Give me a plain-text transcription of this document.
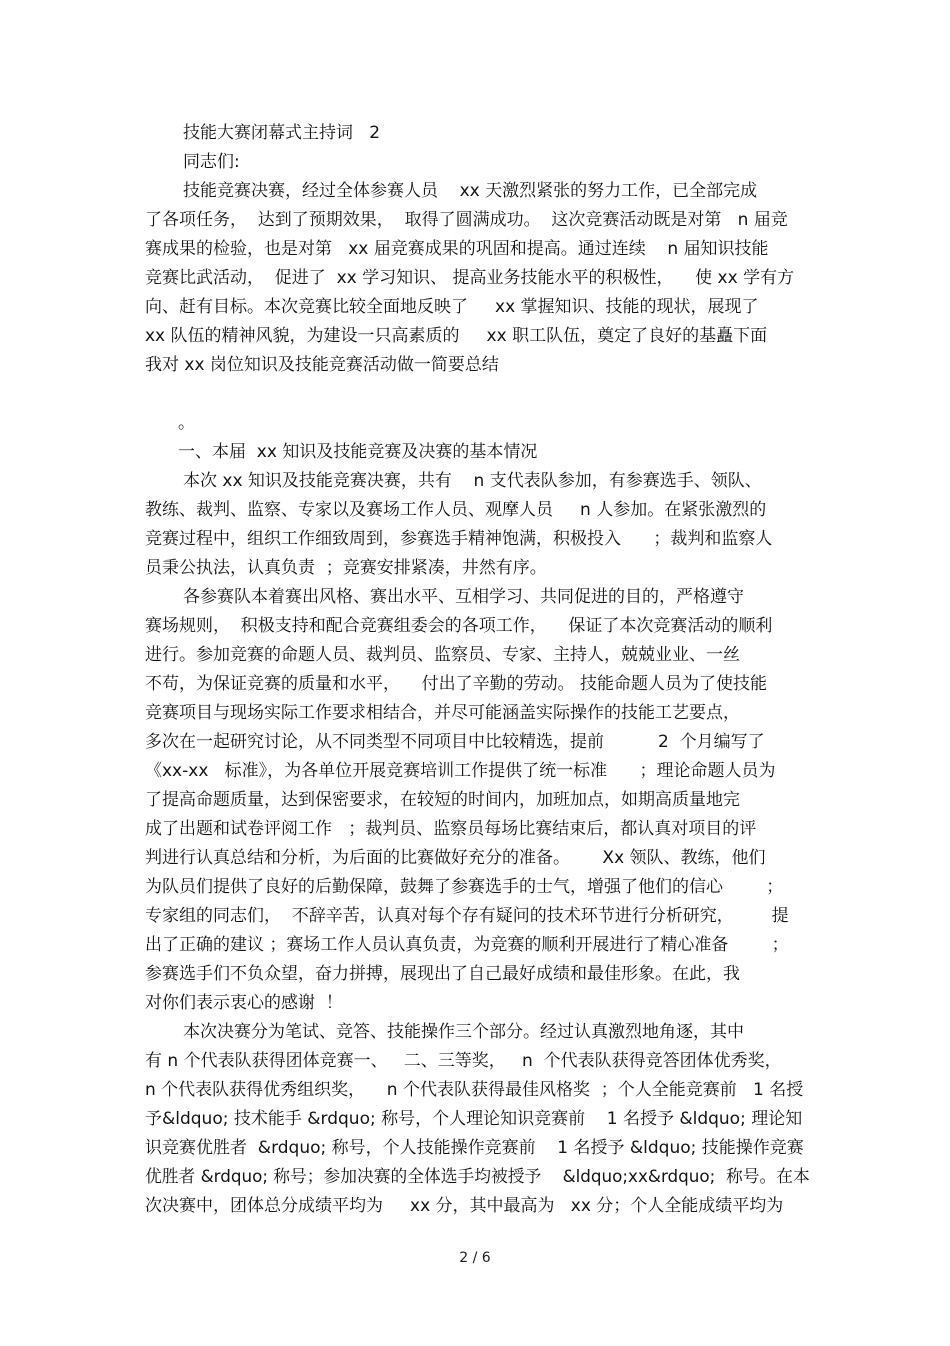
技能大赛闭幕式主持词   2

同志们:

技能竞赛决赛，经过全体参赛人员    xx 天激烈紧张的努力工作，已全部完成

了各项任务，  达到了预期效果，  取得了圆满成功。  这次竞赛活动既是对第   n 届竞

赛成果的检验，也是对第   xx 届竞赛成果的巩固和提高。通过连续    n 届知识技能

竞赛比武活动，  促进了  xx 学习知识、 提高业务技能水平的积极性，    使 xx 学有方

向、赶有目标。本次竞赛比较全面地反映了     xx 掌握知识、技能的现状，展现了

xx 队伍的精神风貌，为建设一只高素质的     xx 职工队伍，奠定了良好的基矗下面

我对 xx 岗位知识及技能竞赛活动做一简要总结

。

一、本届  xx 知识及技能竞赛及决赛的基本情况

本次 xx 知识及技能竞赛决赛，共有    n 支代表队参加，有参赛选手、领队、

教练、裁判、监察、专家以及赛场工作人员、观摩人员     n 人参加。在紧张激烈的

竞赛过程中，组织工作细致周到，参赛选手精神饱满，积极投入      ；裁判和监察人

员秉公执法，认真负责  ；竞赛安排紧凑，井然有序。

各参赛队本着赛出风格、赛出水平、互相学习、共同促进的目的，严格遵守

赛场规则，  积极支持和配合竞赛组委会的各项工作，    保证了本次竞赛活动的顺利

进行。参加竞赛的命题人员、裁判员、监察员、专家、主持人，兢兢业业、一丝

不苟，为保证竞赛的质量和水平，    付出了辛勤的劳动。 技能命题人员为了使技能

竞赛项目与现场实际工作要求相结合，并尽可能涵盖实际操作的技能工艺要点，

多次在一起研究讨论，从不同类型不同项目中比较精选，提前          2  个月编写了

《xx-xx   标准》，为各单位开展竞赛培训工作提供了统一标准      ；理论命题人员为

了提高命题质量，达到保密要求，在较短的时间内，加班加点，如期高质量地完

成了出题和试卷评阅工作   ；裁判员、监察员每场比赛结束后，都认真对项目的评

判进行认真总结和分析，为后面的比赛做好充分的准备。      Xx 领队、教练，他们

为队员们提供了良好的后勤保障，鼓舞了参赛选手的士气，增强了他们的信心        ；

专家组的同志们，  不辞辛苦，认真对每个存有疑问的技术环节进行分析研究，       提

出了正确的建议 ；赛场工作人员认真负责，为竞赛的顺利开展进行了精心准备        ；

参赛选手们不负众望，奋力拼搏，展现出了自己最好成绩和最佳形象。在此，我

对你们表示衷心的感谢  ！

本次决赛分为笔试、竞答、技能操作三个部分。经过认真激烈地角逐，其中

有 n 个代表队获得团体竞赛一、   二、三等奖，   n  个代表队获得竞答团体优秀奖，

n 个代表队获得优秀组织奖，    n 个代表队获得最佳风格奖  ；个人全能竞赛前   1 名授

予&ldquo; 技术能手 &rdquo; 称号，个人理论知识竞赛前    1 名授予 &ldquo; 理论知

识竞赛优胜者  &rdquo; 称号，个人技能操作竞赛前    1 名授予 &ldquo; 技能操作竞赛

优胜者 &rdquo; 称号；参加决赛的全体选手均被授予    &ldquo;xx&rdquo;  称号。在本

次决赛中，团体总分成绩平均为     xx 分，其中最高为   xx 分；个人全能成绩平均为

2 / 6
